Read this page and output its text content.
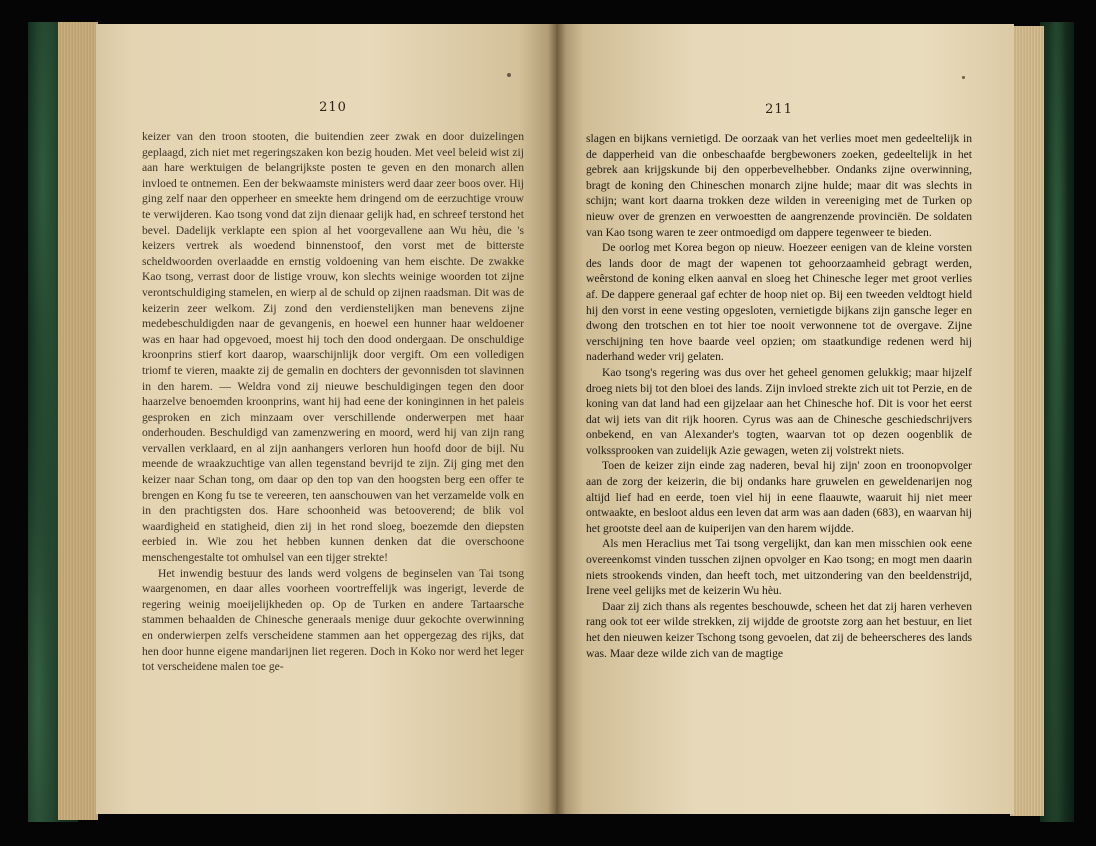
210

keizer van den troon stooten, die buitendien zeer zwak en door duizelingen geplaagd, zich niet met regeringszaken kon bezig houden. Met veel beleid wist zij aan hare werktuigen de belangrijkste posten te geven en den monarch allen invloed te ontnemen. Een der bekwaamste ministers werd daar zeer boos over. Hij ging zelf naar den opperheer en smeekte hem dringend om de eerzuchtige vrouw te verwijderen. Kao tsong vond dat zijn dienaar gelijk had, en schreef terstond het bevel. Dadelijk verklapte een spion al het voorgevallene aan Wu hèu, die 's keizers vertrek als woedend binnenstoof, den vorst met de bitterste scheldwoorden overlaadde en ernstig voldoening van hem eischte. De zwakke Kao tsong, verrast door de listige vrouw, kon slechts weinige woorden tot zijne verontschuldiging stamelen, en wierp al de schuld op zijnen raadsman. Dit was de keizerin zeer welkom. Zij zond den verdienstelijken man benevens zijne medebeschuldigden naar de gevangenis, en hoewel een hunner haar weldoener was en haar had opgevoed, moest hij toch den dood ondergaan. De onschuldige kroonprins stierf kort daarop, waarschijnlijk door vergift. Om een volledigen triomf te vieren, maakte zij de gemalin en dochters der gevonnisden tot slavinnen in den harem. — Weldra vond zij nieuwe beschuldigingen tegen den door haarzelve benoemden kroonprins, want hij had eene der koninginnen in het paleis gesproken en zich minzaam over verschillende onderwerpen met haar onderhouden. Beschuldigd van zamenzwering en moord, werd hij van zijn rang vervallen verklaard, en al zijn aanhangers verloren hun hoofd door de bijl. Nu meende de wraakzuchtige van allen tegenstand bevrijd te zijn. Zij ging met den keizer naar Schan tong, om daar op den top van den hoogsten berg een offer te brengen en Kong fu tse te vereeren, ten aanschouwen van het verzamelde volk en in den prachtigsten dos. Hare schoonheid was betooverend; de blik vol waardigheid en statigheid, dien zij in het rond sloeg, boezemde den diepsten eerbied in. Wie zou het hebben kunnen denken dat die overschoone menschengestalte tot omhulsel van een tijger strekte!

Het inwendig bestuur des lands werd volgens de beginselen van Tai tsong waargenomen, en daar alles voorheen voortreffelijk was ingerigt, leverde de regering weinig moeijelijkheden op. Op de Turken en andere Tartaarsche stammen behaalden de Chinesche generaals menige duur gekochte overwinning en onderwierpen zelfs verscheidene stammen aan het oppergezag des rijks, dat hen door hunne eigene mandarijnen liet regeren. Doch in Koko nor werd het leger tot verscheidene malen toe ge-

211

slagen en bijkans vernietigd. De oorzaak van het verlies moet men gedeeltelijk in de dapperheid van die onbeschaafde bergbewoners zoeken, gedeeltelijk in het gebrek aan krijgskunde bij den opperbevelhebber. Ondanks zijne overwinning, bragt de koning den Chineschen monarch zijne hulde; maar dit was slechts in schijn; want kort daarna trokken deze wilden in vereeniging met de Turken op nieuw over de grenzen en verwoestten de aangrenzende provinciën. De soldaten van Kao tsong waren te zeer ontmoedigd om dappere tegenweer te bieden.

De oorlog met Korea begon op nieuw. Hoezeer eenigen van de kleine vorsten des lands door de magt der wapenen tot gehoorzaamheid gebragt werden, weêrstond de koning elken aanval en sloeg het Chinesche leger met groot verlies af. De dappere generaal gaf echter de hoop niet op. Bij een tweeden veldtogt hield hij den vorst in eene vesting opgesloten, vernietigde bijkans zijn gansche leger en dwong den trotschen en tot hier toe nooit verwonnene tot de overgave. Zijne verschijning ten hove baarde veel opzien; om staatkundige redenen werd hij naderhand weder vrij gelaten.

Kao tsong's regering was dus over het geheel genomen gelukkig; maar hijzelf droeg niets bij tot den bloei des lands. Zijn invloed strekte zich uit tot Perzie, en de koning van dat land had een gijzelaar aan het Chinesche hof. Dit is voor het eerst dat wij iets van dit rijk hooren. Cyrus was aan de Chinesche geschiedschrijvers onbekend, en van Alexander's togten, waarvan tot op dezen oogenblik de volkssprooken van zuidelijk Azie gewagen, weten zij volstrekt niets.

Toen de keizer zijn einde zag naderen, beval hij zijn' zoon en troonopvolger aan de zorg der keizerin, die bij ondanks hare gruwelen en geweldenarijen nog altijd lief had en eerde, toen viel hij in eene flaauwte, waaruit hij niet meer ontwaakte, en besloot aldus een leven dat arm was aan daden (683), en waarvan hij het grootste deel aan de kuiperijen van den harem wijdde.

Als men Heraclius met Tai tsong vergelijkt, dan kan men misschien ook eene overeenkomst vinden tusschen zijnen opvolger en Kao tsong; en mogt men daarin niets strookends vinden, dan heeft toch, met uitzondering van den beeldenstrijd, Irene veel gelijks met de keizerin Wu hèu.

Daar zij zich thans als regentes beschouwde, scheen het dat zij haren verheven rang ook tot eer wilde strekken, zij wijdde de grootste zorg aan het bestuur, en liet het den nieuwen keizer Tschong tsong gevoelen, dat zij de beheerscheres des lands was. Maar deze wilde zich van de magtige
